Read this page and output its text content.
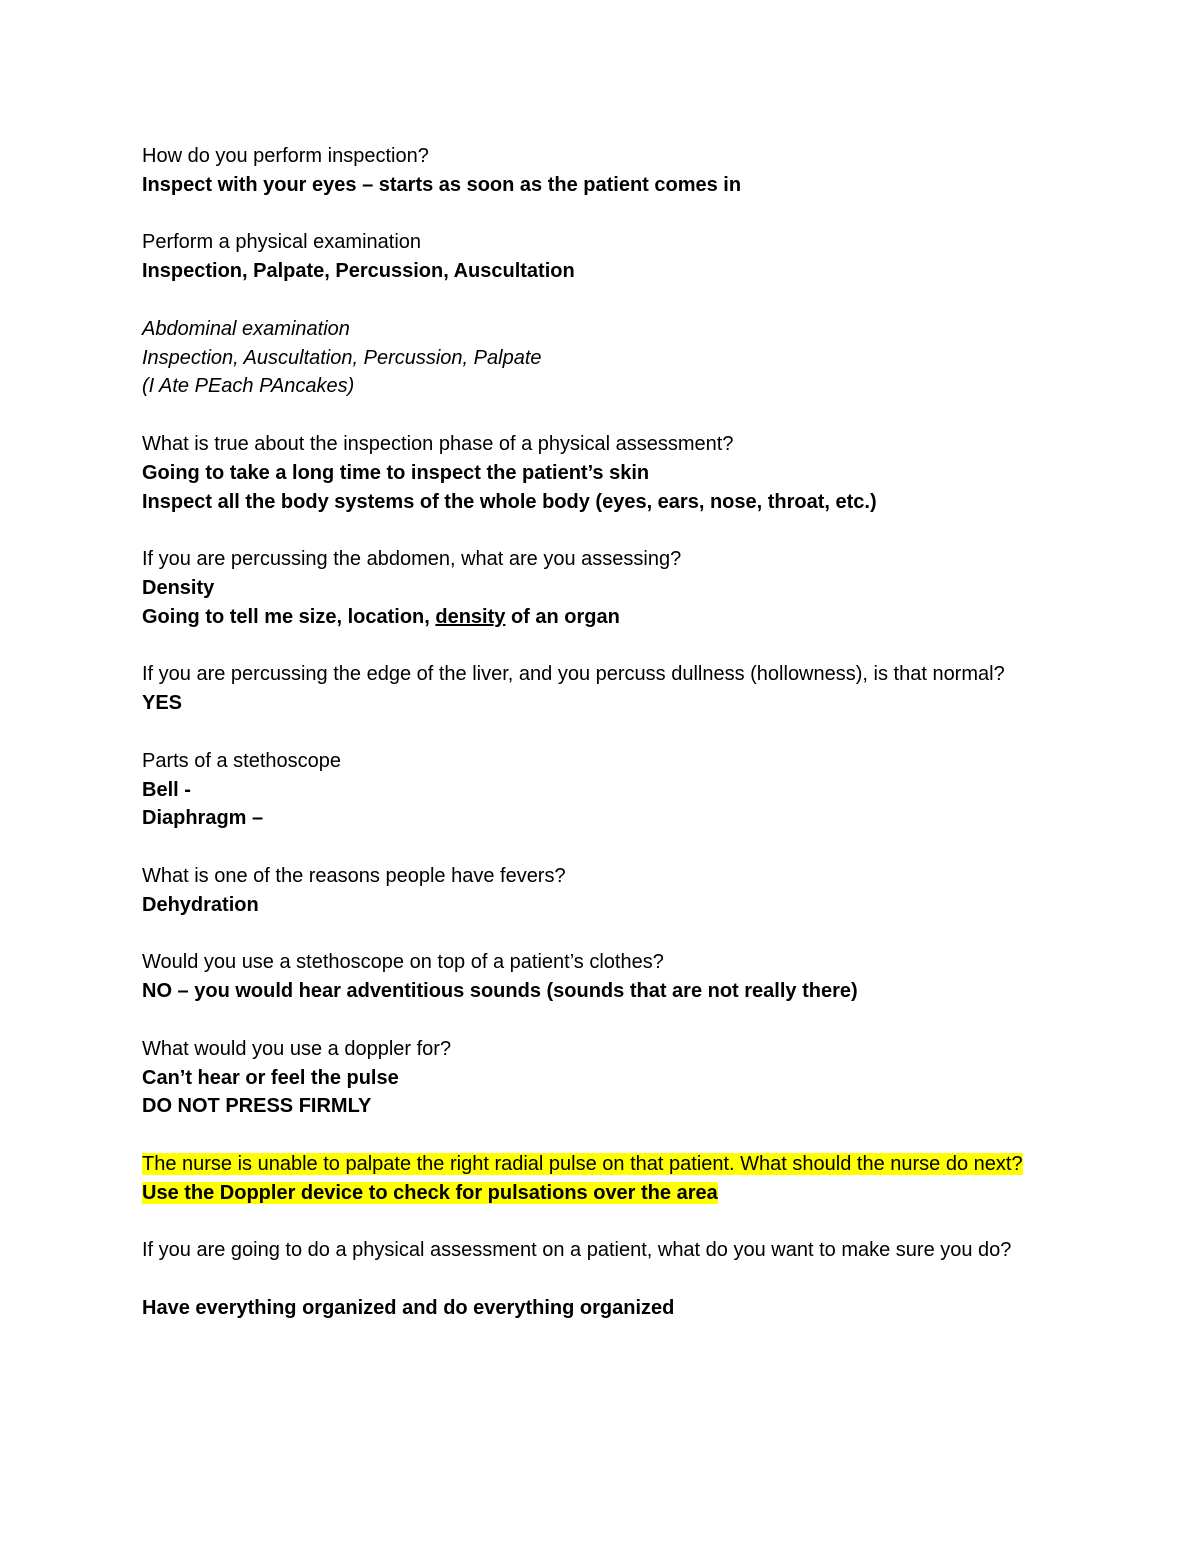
How do you perform inspection?
Inspect with your eyes – starts as soon as the patient comes in
Perform a physical examination
Inspection, Palpate, Percussion, Auscultation
Abdominal examination
Inspection, Auscultation, Percussion, Palpate
(I Ate PEach PAncakes)
What is true about the inspection phase of a physical assessment?
Going to take a long time to inspect the patient’s skin
Inspect all the body systems of the whole body (eyes, ears, nose, throat, etc.)
If you are percussing the abdomen, what are you assessing?
Density
Going to tell me size, location, density of an organ
If you are percussing the edge of the liver, and you percuss dullness (hollowness), is that normal?
YES
Parts of a stethoscope
Bell -
Diaphragm –
What is one of the reasons people have fevers?
Dehydration
Would you use a stethoscope on top of a patient’s clothes?
NO – you would hear adventitious sounds (sounds that are not really there)
What would you use a doppler for?
Can’t hear or feel the pulse
DO NOT PRESS FIRMLY
The nurse is unable to palpate the right radial pulse on that patient. What should the nurse do next?
Use the Doppler device to check for pulsations over the area
If you are going to do a physical assessment on a patient, what do you want to make sure you do?
Have everything organized and do everything organized
